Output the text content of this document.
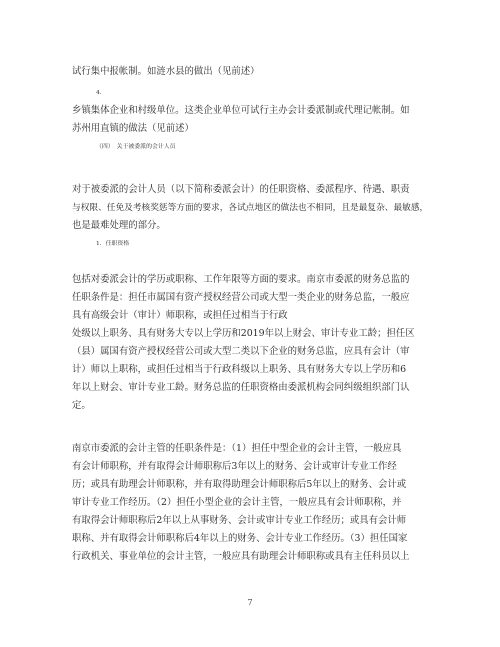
试行集中报帐制。如涟水县的做出（见前述）
4.
乡镇集体企业和村级单位。这类企业单位可试行主办会计委派制或代理记帐制。如
苏州用直镇的做法（见前述）
（四）　关于被委派的会计人员
对于被委派的会计人员（以下简称委派会计）的任职资格、委派程序、待遇、职责
与权限、任免及考核奖惩等方面的要求，各试点地区的做法也不相同，且是最复杂、最敏感，
也是最难处理的部分。
1．任职资格
包括对委派会计的学历或职称、工作年限等方面的要求。南京市委派的财务总监的
任职条件是：担任市属国有资产授权经营公司或大型一类企业的财务总监，一般应
具有高级会计（审计）师职称，或担任过相当于行政
处级以上职务、具有财务大专以上学历和2019年以上财会、审计专业工龄；担任区
（县）属国有资产授权经营公司或大型二类以下企业的财务总监，应具有会计（审
计）师以上职称，或担任过相当于行政科级以上职务、具有财务大专以上学历和6
年以上财会、审计专业工龄。财务总监的任职资格由委派机构会同纠级组织部门认
定。
南京市委派的会计主管的任职条件是：（1）担任中型企业的会计主管，一般应具
有会计师职称，并有取得会计师职称后3年以上的财务、会计或审计专业工作经
历；或具有助理会计师职称，并有取得助理会计师职称后5年以上的财务、会计或
审计专业工作经历。（2）担任小型企业的会计主管，一般应具有会计师职称，并
有取得会计师职称后2年以上从事财务、会计或审计专业工作经历；或具有会计师
职称、并有取得会计师职称后4年以上的财务、会计专业工作经历。（3）担任国家
行政机关、事业单位的会计主管，一般应具有助理会计师职称或具有主任科员以上
7
